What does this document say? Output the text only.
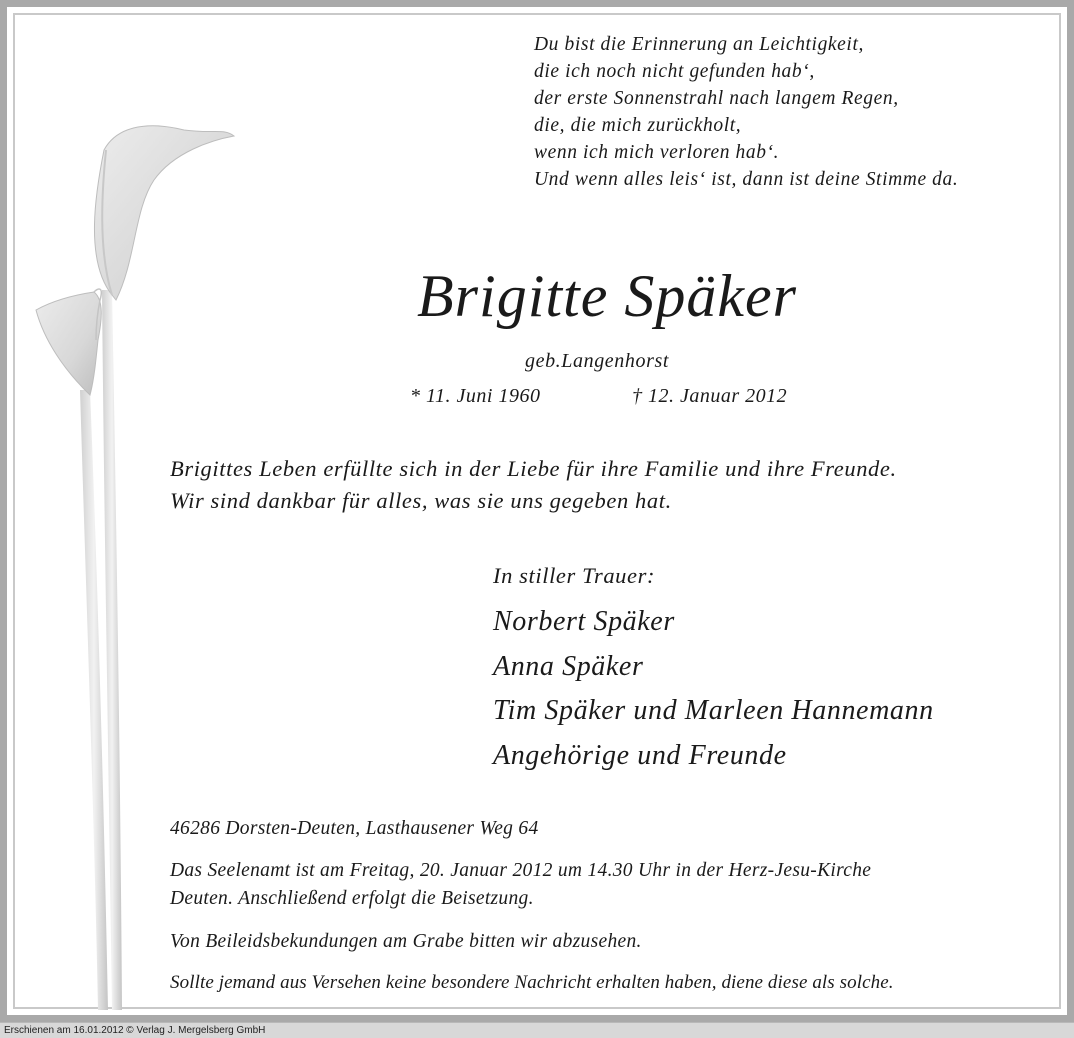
Du bist die Erinnerung an Leichtigkeit,
die ich noch nicht gefunden hab‘,
der erste Sonnenstrahl nach langem Regen,
die, die mich zurückholt,
wenn ich mich verloren hab‘.
Und wenn alles leis‘ ist, dann ist deine Stimme da.
Brigitte Späker
geb.Langenhorst
* 11. Juni 1960	† 12. Januar 2012
Brigittes Leben erfüllte sich in der Liebe für ihre Familie und ihre Freunde.
Wir sind dankbar für alles, was sie uns gegeben hat.
In stiller Trauer:
Norbert Späker
Anna Späker
Tim Späker und Marleen Hannemann
Angehörige und Freunde
46286 Dorsten-Deuten, Lasthausener Weg 64
Das Seelenamt ist am Freitag, 20. Januar 2012 um 14.30 Uhr in der Herz-Jesu-Kirche
Deuten. Anschließend erfolgt die Beisetzung.
Von Beileidsbekundungen am Grabe bitten wir abzusehen.
Sollte jemand aus Versehen keine besondere Nachricht erhalten haben, diene diese als solche.
Erschienen am 16.01.2012 © Verlag J. Mergelsberg GmbH
